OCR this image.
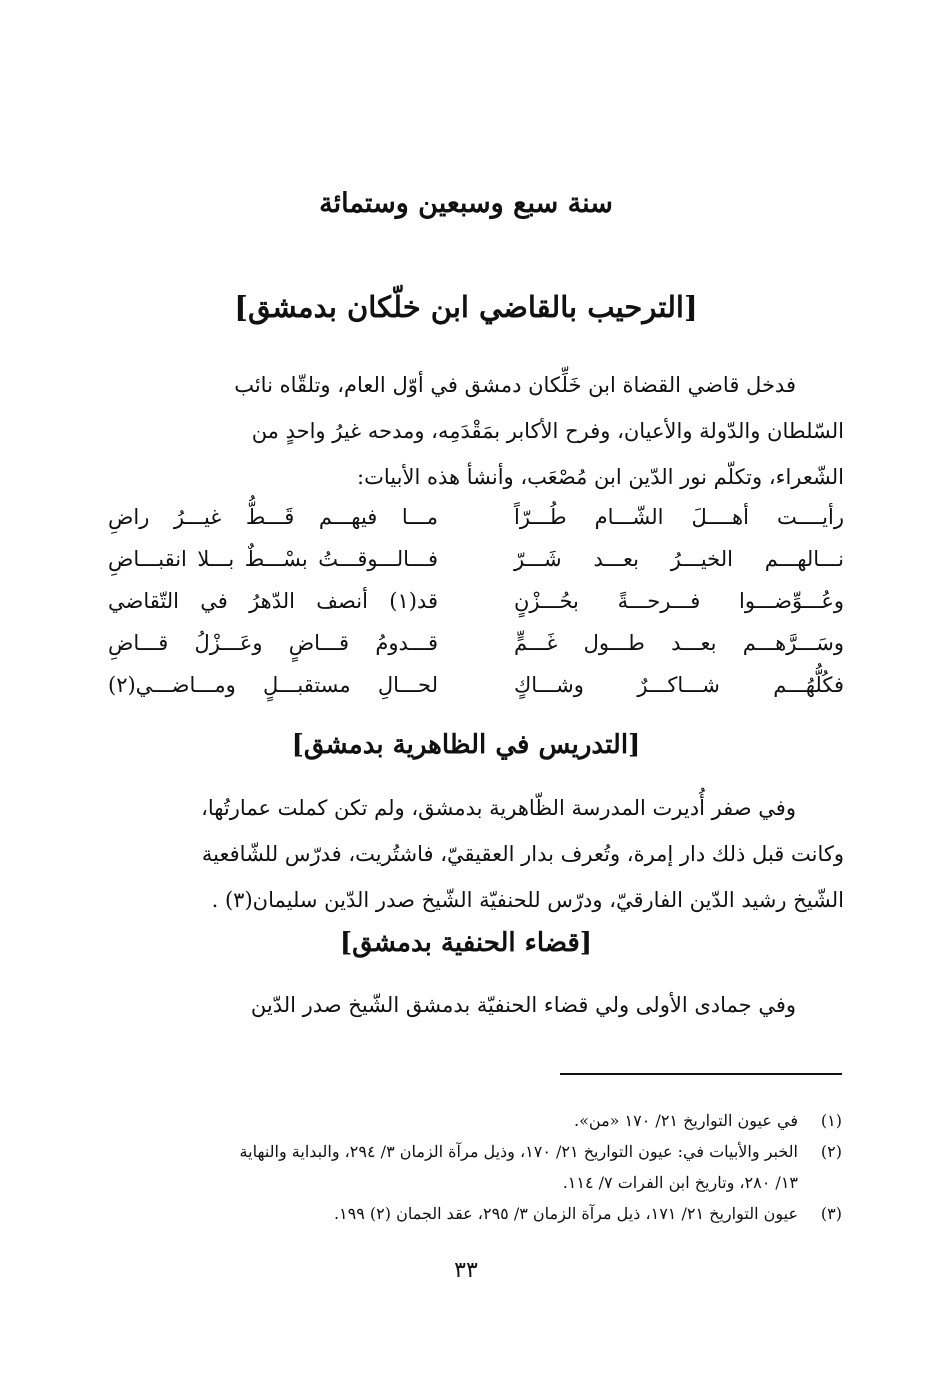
سنة سبع وسبعين وستمائة
[الترحيب بالقاضي ابن خلّكان بدمشق]
فدخل قاضي القضاة ابن خَلِّكان دمشق في أوّل العام، وتلقّاه نائب
السّلطان والدّولة والأعيان، وفرح الأكابر بمَقْدَمِه، ومدحه غيرُ واحدٍ من
الشّعراء، وتكلّم نور الدّين ابن مُصْعَب، وأنشأ هذه الأبيات:
رأيــــت أهــــلَ الشّـــام طُـــرّاً
مـــا فيهـــم قَـــطُّ غيـــرُ راضِ
نـــالهـــم الخيـــرُ بعـــد شَـــرّ
فـــالـــوقـــتُ بسْـــطٌ بـــلا انقبـــاضِ
وعُـــوِّضـــوا فـــرحـــةً بحُـــزْنٍ
قد(١) أنصف الدّهرُ في التّقاضي
وسَـــرَّهـــم بعـــد طـــول غَـــمٍّ
قـــدومُ قـــاضٍ وعَـــزْلُ قـــاضِ
فكُلُّهُـــم شـــاكـــرٌ وشـــاكٍ
لحـــالِ مستقبـــلٍ ومـــاضـــي(٢)
[التدريس في الظاهرية بدمشق]
وفي صفر أُديرت المدرسة الظّاهرية بدمشق، ولم تكن كملت عمارتُها،
وكانت قبل ذلك دار إمرة، وتُعرف بدار العقيقيّ، فاشتُريت، فدرّس للشّافعية
الشّيخ رشيد الدّين الفارقيّ، ودرّس للحنفيّة الشّيخ صدر الدّين سليمان(٣) .
[قضاء الحنفية بدمشق]
وفي جمادى الأولى ولي قضاء الحنفيّة بدمشق الشّيخ صدر الدّين
(١)
في عيون التواريخ ٢١/ ١٧٠ «من».
(٢)
الخبر والأبيات في: عيون التواريخ ٢١/ ١٧٠، وذيل مرآة الزمان ٣/ ٢٩٤، والبداية والنهاية
١٣/ ٢٨٠، وتاريخ ابن الفرات ٧/ ١١٤.
(٣)
عيون التواريخ ٢١/ ١٧١، ذيل مرآة الزمان ٣/ ٢٩٥، عقد الجمان (٢) ١٩٩.
٣٣
